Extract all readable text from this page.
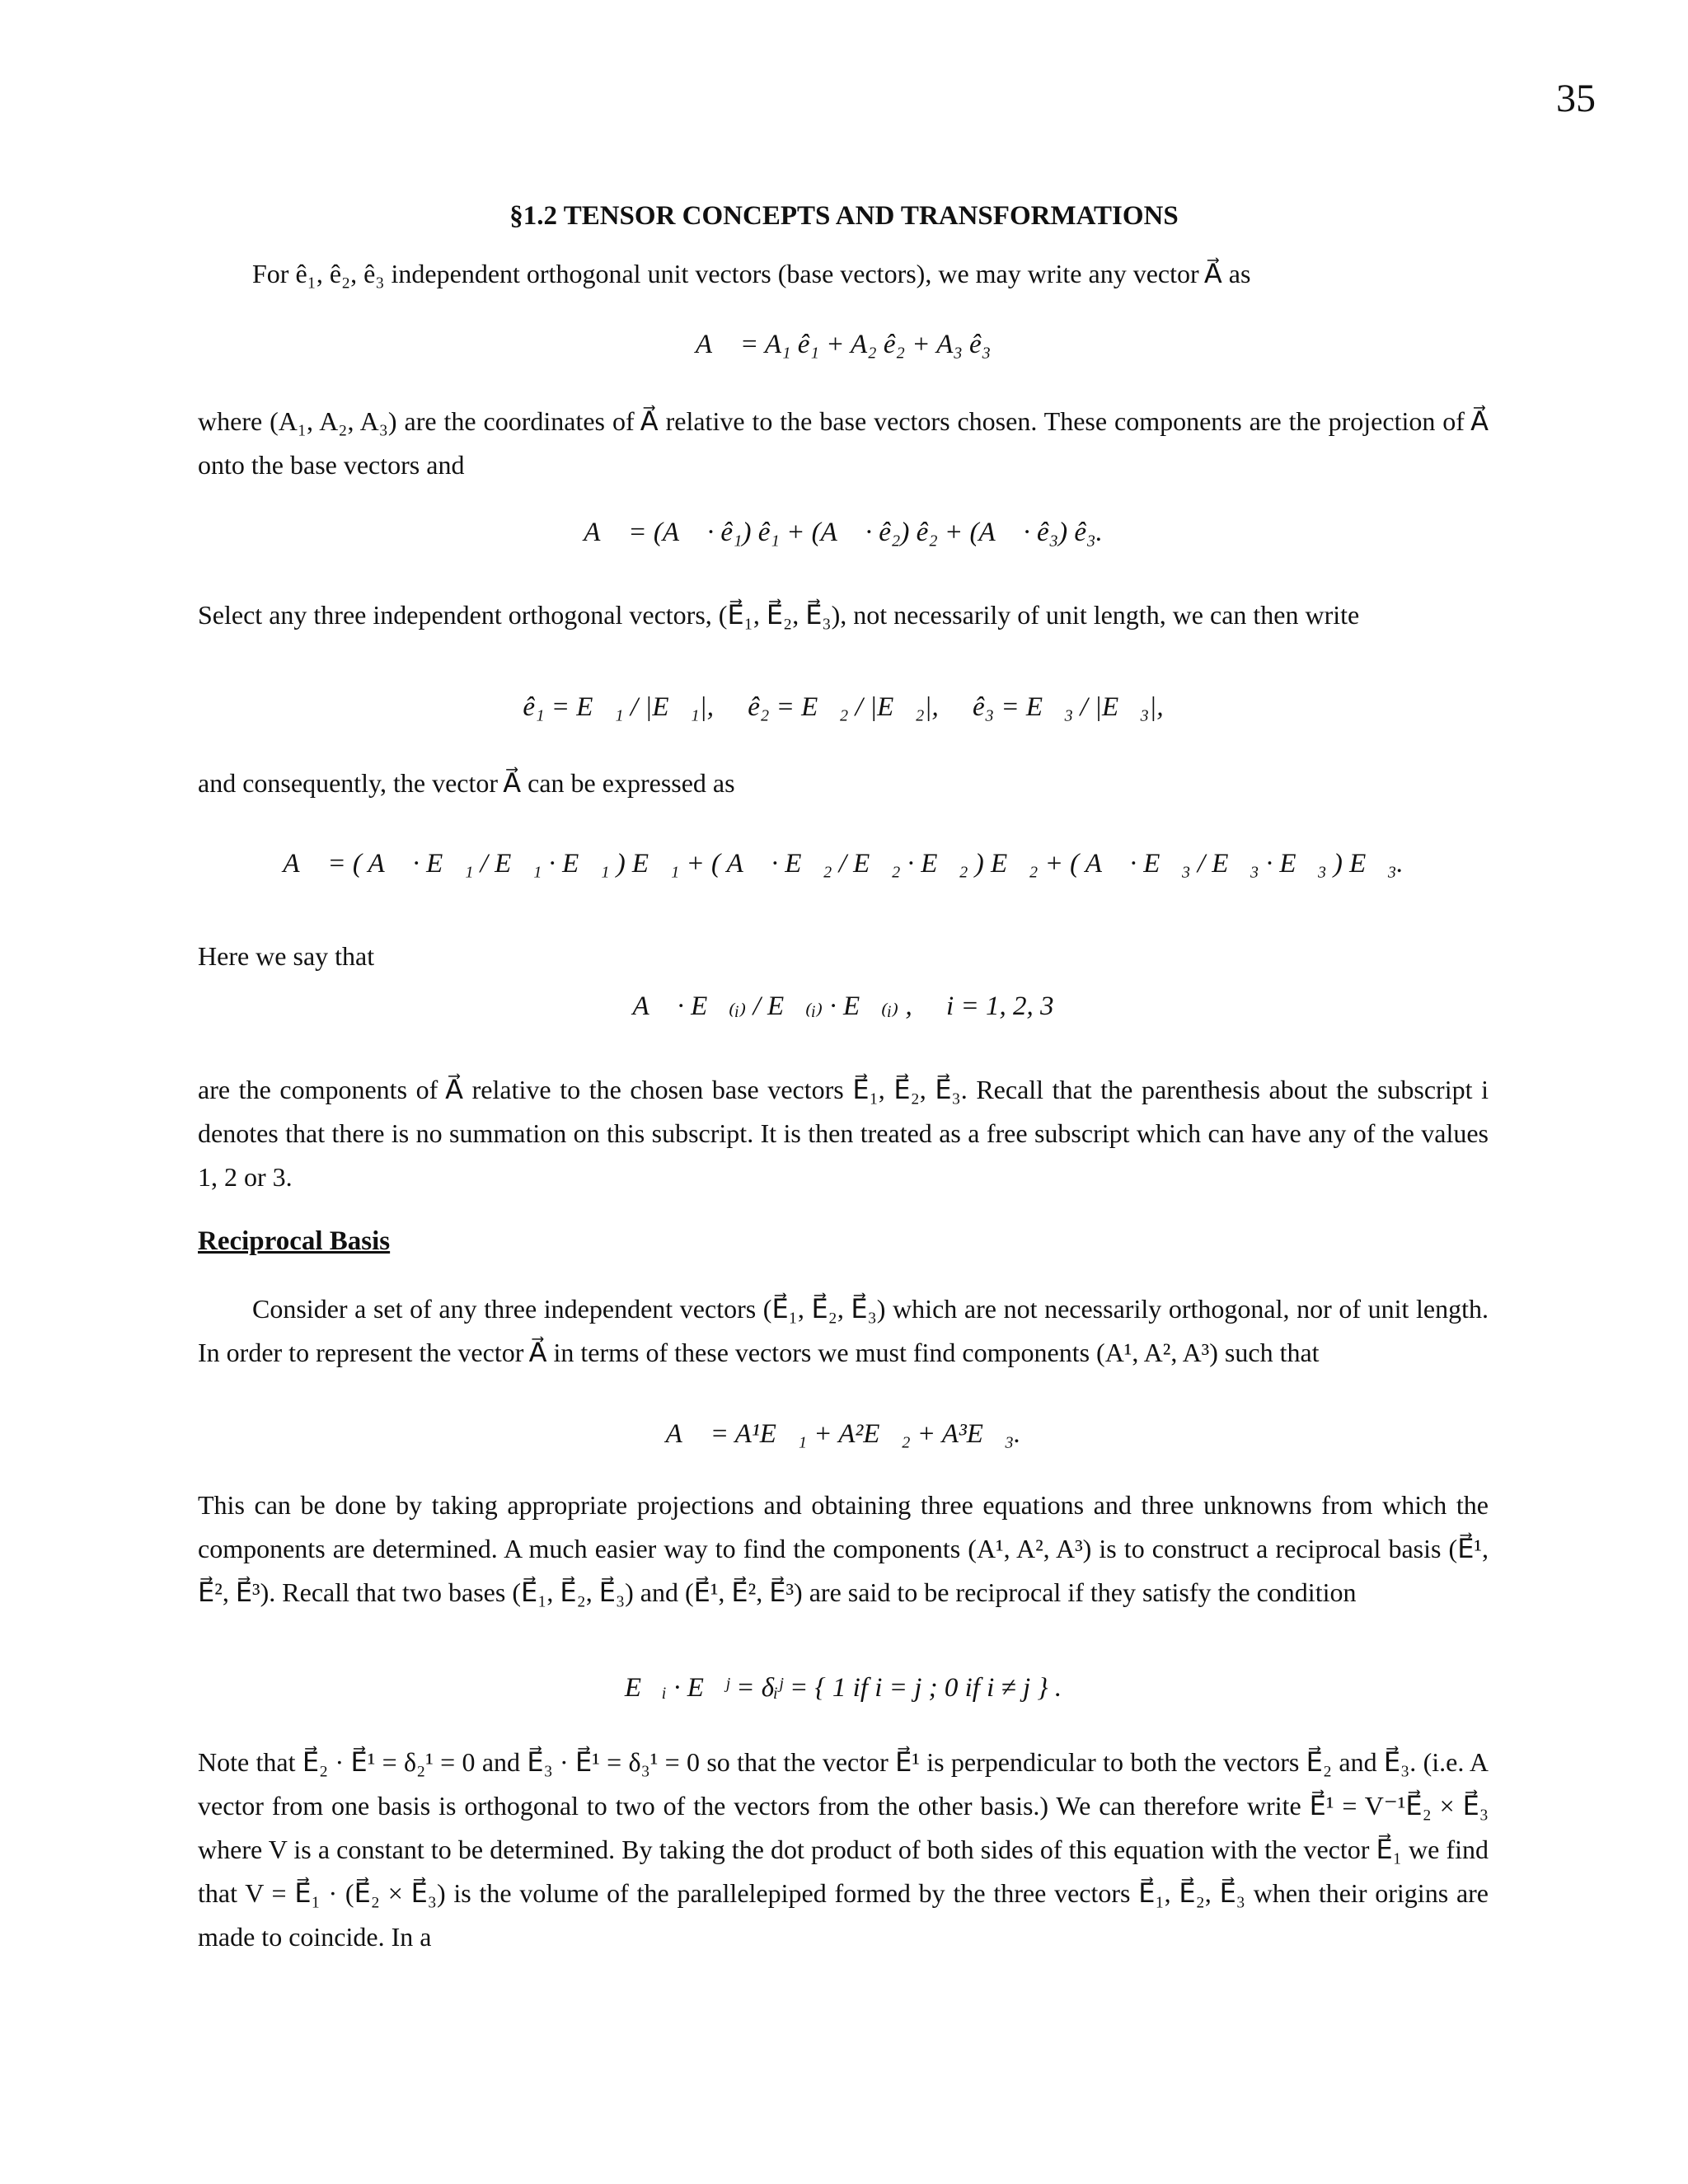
35
§1.2 TENSOR CONCEPTS AND TRANSFORMATIONS
For ê₁, ê₂, ê₃ independent orthogonal unit vectors (base vectors), we may write any vector A⃗ as
A⃗ = A₁ ê₁ + A₂ ê₂ + A₃ ê₃
where (A₁, A₂, A₃) are the coordinates of A⃗ relative to the base vectors chosen. These components are the projection of A⃗ onto the base vectors and
A⃗ = (A⃗ · ê₁) ê₁ + (A⃗ · ê₂) ê₂ + (A⃗ · ê₃) ê₃.
Select any three independent orthogonal vectors, (E⃗₁, E⃗₂, E⃗₃), not necessarily of unit length, we can then write
ê₁ = E⃗₁ / |E⃗₁|,     ê₂ = E⃗₂ / |E⃗₂|,     ê₃ = E⃗₃ / |E⃗₃|,
and consequently, the vector A⃗ can be expressed as
A⃗ = ( A⃗ · E⃗₁ / E⃗₁ · E⃗₁ ) E⃗₁ + ( A⃗ · E⃗₂ / E⃗₂ · E⃗₂ ) E⃗₂ + ( A⃗ · E⃗₃ / E⃗₃ · E⃗₃ ) E⃗₃.
Here we say that
A⃗ · E⃗₍ᵢ₎ / E⃗₍ᵢ₎ · E⃗₍ᵢ₎ ,     i = 1, 2, 3
are the components of A⃗ relative to the chosen base vectors E⃗₁, E⃗₂, E⃗₃. Recall that the parenthesis about the subscript i denotes that there is no summation on this subscript. It is then treated as a free subscript which can have any of the values 1, 2 or 3.
Reciprocal Basis
Consider a set of any three independent vectors (E⃗₁, E⃗₂, E⃗₃) which are not necessarily orthogonal, nor of unit length. In order to represent the vector A⃗ in terms of these vectors we must find components (A¹, A², A³) such that
A⃗ = A¹E⃗₁ + A²E⃗₂ + A³E⃗₃.
This can be done by taking appropriate projections and obtaining three equations and three unknowns from which the components are determined. A much easier way to find the components (A¹, A², A³) is to construct a reciprocal basis (E⃗¹, E⃗², E⃗³). Recall that two bases (E⃗₁, E⃗₂, E⃗₃) and (E⃗¹, E⃗², E⃗³) are said to be reciprocal if they satisfy the condition
E⃗ᵢ · E⃗ʲ = δᵢʲ = { 1 if i = j ; 0 if i ≠ j } .
Note that E⃗₂ · E⃗¹ = δ₂¹ = 0 and E⃗₃ · E⃗¹ = δ₃¹ = 0 so that the vector E⃗¹ is perpendicular to both the vectors E⃗₂ and E⃗₃. (i.e. A vector from one basis is orthogonal to two of the vectors from the other basis.) We can therefore write E⃗¹ = V⁻¹E⃗₂ × E⃗₃ where V is a constant to be determined. By taking the dot product of both sides of this equation with the vector E⃗₁ we find that V = E⃗₁ · (E⃗₂ × E⃗₃) is the volume of the parallelepiped formed by the three vectors E⃗₁, E⃗₂, E⃗₃ when their origins are made to coincide. In a
